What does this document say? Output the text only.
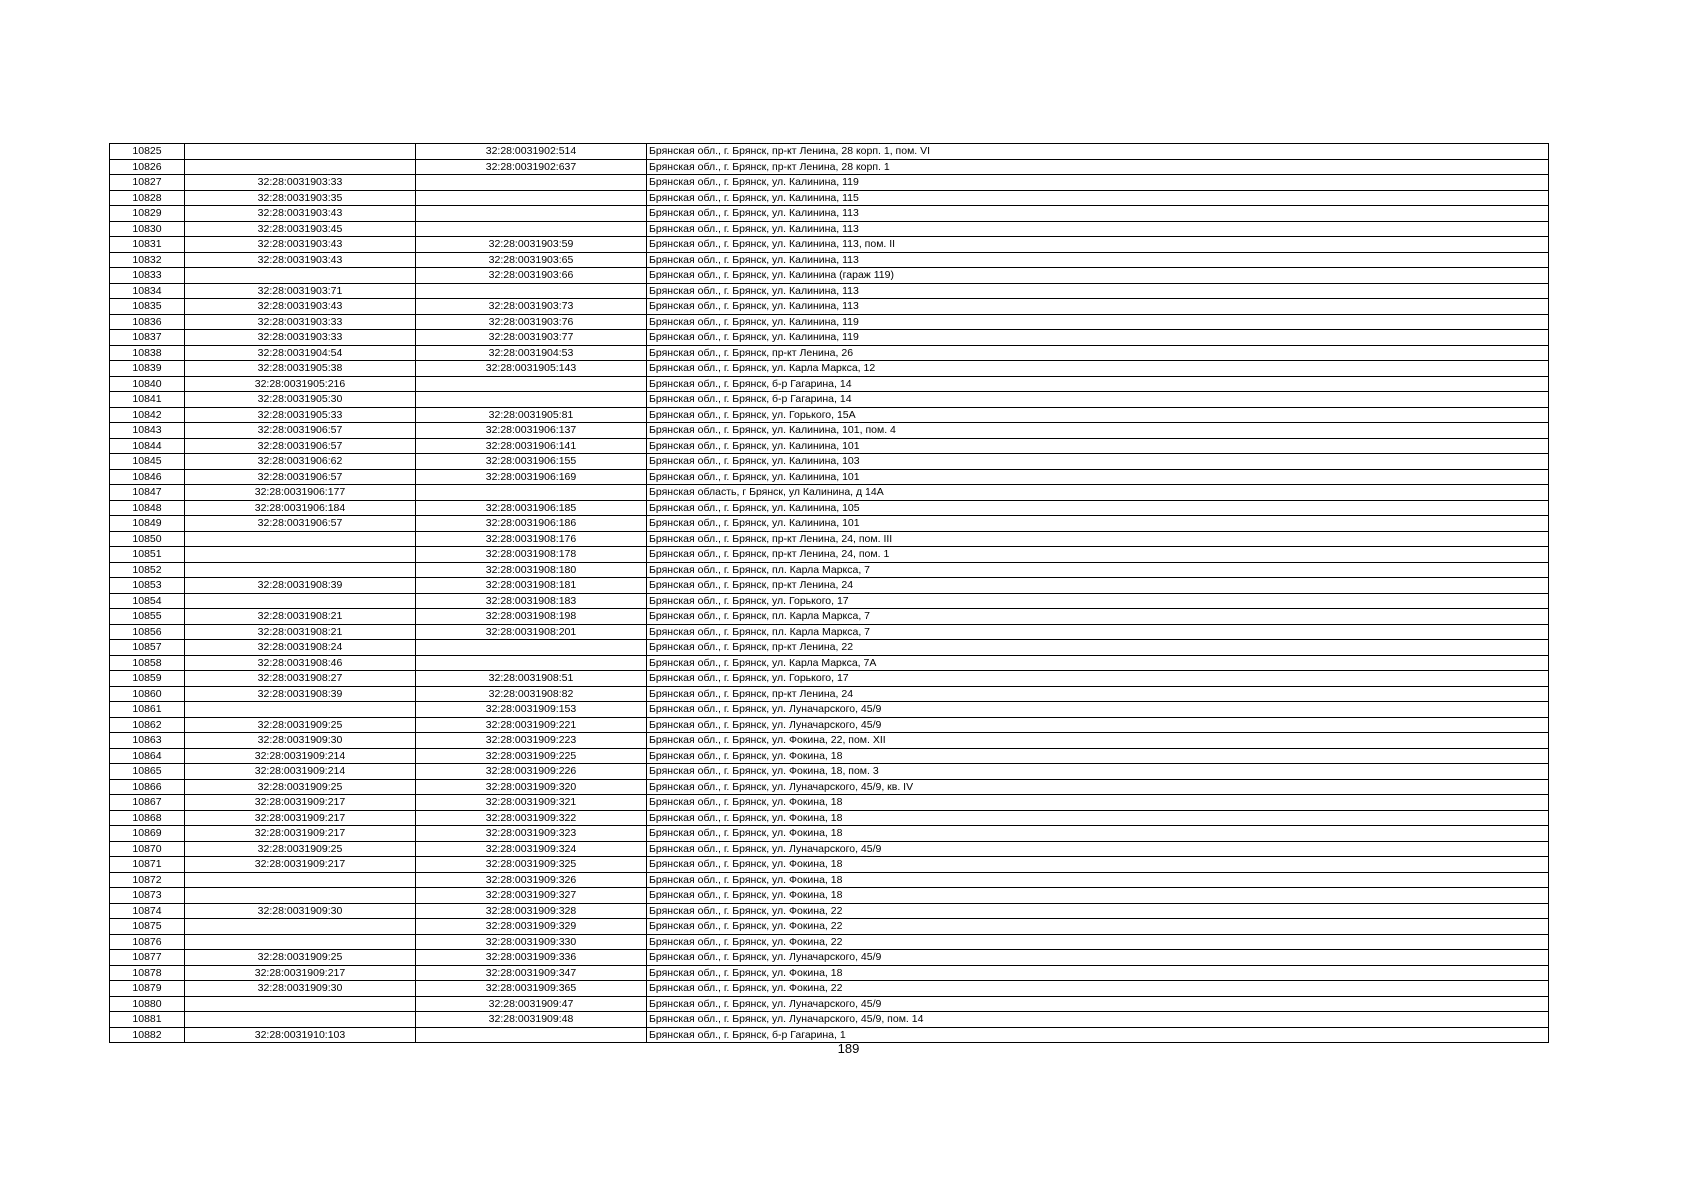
10825		32:28:0031902:514	Брянская обл., г. Брянск, пр-кт Ленина, 28 корп. 1, пом. VI
10826		32:28:0031902:637	Брянская обл., г. Брянск, пр-кт Ленина, 28 корп. 1
10827	32:28:0031903:33		Брянская обл., г. Брянск, ул. Калинина, 119
10828	32:28:0031903:35		Брянская обл., г. Брянск, ул. Калинина, 115
10829	32:28:0031903:43		Брянская обл., г. Брянск, ул. Калинина, 113
10830	32:28:0031903:45		Брянская обл., г. Брянск, ул. Калинина, 113
10831	32:28:0031903:43	32:28:0031903:59	Брянская обл., г. Брянск, ул. Калинина, 113, пом. II
10832	32:28:0031903:43	32:28:0031903:65	Брянская обл., г. Брянск, ул. Калинина, 113
10833		32:28:0031903:66	Брянская обл., г. Брянск, ул. Калинина (гараж 119)
10834	32:28:0031903:71		Брянская обл., г. Брянск, ул. Калинина, 113
10835	32:28:0031903:43	32:28:0031903:73	Брянская обл., г. Брянск, ул. Калинина, 113
10836	32:28:0031903:33	32:28:0031903:76	Брянская обл., г. Брянск, ул. Калинина, 119
10837	32:28:0031903:33	32:28:0031903:77	Брянская обл., г. Брянск, ул. Калинина, 119
10838	32:28:0031904:54	32:28:0031904:53	Брянская обл., г. Брянск, пр-кт Ленина, 26
10839	32:28:0031905:38	32:28:0031905:143	Брянская обл., г. Брянск, ул. Карла Маркса, 12
10840	32:28:0031905:216		Брянская обл., г. Брянск, б-р Гагарина, 14
10841	32:28:0031905:30		Брянская обл., г. Брянск, б-р Гагарина, 14
10842	32:28:0031905:33	32:28:0031905:81	Брянская обл., г. Брянск, ул. Горького, 15А
10843	32:28:0031906:57	32:28:0031906:137	Брянская обл., г. Брянск, ул. Калинина, 101, пом. 4
10844	32:28:0031906:57	32:28:0031906:141	Брянская обл., г. Брянск, ул. Калинина, 101
10845	32:28:0031906:62	32:28:0031906:155	Брянская обл., г. Брянск, ул. Калинина, 103
10846	32:28:0031906:57	32:28:0031906:169	Брянская обл., г. Брянск, ул. Калинина, 101
10847	32:28:0031906:177		Брянская область, г Брянск, ул Калинина, д 14А
10848	32:28:0031906:184	32:28:0031906:185	Брянская обл., г. Брянск, ул. Калинина, 105
10849	32:28:0031906:57	32:28:0031906:186	Брянская обл., г. Брянск, ул. Калинина, 101
10850		32:28:0031908:176	Брянская обл., г. Брянск, пр-кт Ленина, 24, пом. III
10851		32:28:0031908:178	Брянская обл., г. Брянск, пр-кт Ленина, 24, пом. 1
10852		32:28:0031908:180	Брянская обл., г. Брянск, пл. Карла Маркса, 7
10853	32:28:0031908:39	32:28:0031908:181	Брянская обл., г. Брянск, пр-кт Ленина, 24
10854		32:28:0031908:183	Брянская обл., г. Брянск, ул. Горького, 17
10855	32:28:0031908:21	32:28:0031908:198	Брянская обл., г. Брянск, пл. Карла Маркса, 7
10856	32:28:0031908:21	32:28:0031908:201	Брянская обл., г. Брянск, пл. Карла Маркса, 7
10857	32:28:0031908:24		Брянская обл., г. Брянск, пр-кт Ленина, 22
10858	32:28:0031908:46		Брянская обл., г. Брянск, ул. Карла Маркса, 7А
10859	32:28:0031908:27	32:28:0031908:51	Брянская обл., г. Брянск, ул. Горького, 17
10860	32:28:0031908:39	32:28:0031908:82	Брянская обл., г. Брянск, пр-кт Ленина, 24
10861		32:28:0031909:153	Брянская обл., г. Брянск, ул. Луначарского, 45/9
10862	32:28:0031909:25	32:28:0031909:221	Брянская обл., г. Брянск, ул. Луначарского, 45/9
10863	32:28:0031909:30	32:28:0031909:223	Брянская обл., г. Брянск, ул. Фокина, 22, пом. XII
10864	32:28:0031909:214	32:28:0031909:225	Брянская обл., г. Брянск, ул. Фокина, 18
10865	32:28:0031909:214	32:28:0031909:226	Брянская обл., г. Брянск, ул. Фокина, 18, пом. 3
10866	32:28:0031909:25	32:28:0031909:320	Брянская обл., г. Брянск, ул. Луначарского, 45/9, кв. IV
10867	32:28:0031909:217	32:28:0031909:321	Брянская обл., г. Брянск, ул. Фокина, 18
10868	32:28:0031909:217	32:28:0031909:322	Брянская обл., г. Брянск, ул. Фокина, 18
10869	32:28:0031909:217	32:28:0031909:323	Брянская обл., г. Брянск, ул. Фокина, 18
10870	32:28:0031909:25	32:28:0031909:324	Брянская обл., г. Брянск, ул. Луначарского, 45/9
10871	32:28:0031909:217	32:28:0031909:325	Брянская обл., г. Брянск, ул. Фокина, 18
10872		32:28:0031909:326	Брянская обл., г. Брянск, ул. Фокина, 18
10873		32:28:0031909:327	Брянская обл., г. Брянск, ул. Фокина, 18
10874	32:28:0031909:30	32:28:0031909:328	Брянская обл., г. Брянск, ул. Фокина, 22
10875		32:28:0031909:329	Брянская обл., г. Брянск, ул. Фокина, 22
10876		32:28:0031909:330	Брянская обл., г. Брянск, ул. Фокина, 22
10877	32:28:0031909:25	32:28:0031909:336	Брянская обл., г. Брянск, ул. Луначарского, 45/9
10878	32:28:0031909:217	32:28:0031909:347	Брянская обл., г. Брянск, ул. Фокина, 18
10879	32:28:0031909:30	32:28:0031909:365	Брянская обл., г. Брянск, ул. Фокина, 22
10880		32:28:0031909:47	Брянская обл., г. Брянск, ул. Луначарского, 45/9
10881		32:28:0031909:48	Брянская обл., г. Брянск, ул. Луначарского, 45/9, пом. 14
10882	32:28:0031910:103		Брянская обл., г. Брянск, б-р Гагарина, 1
189
